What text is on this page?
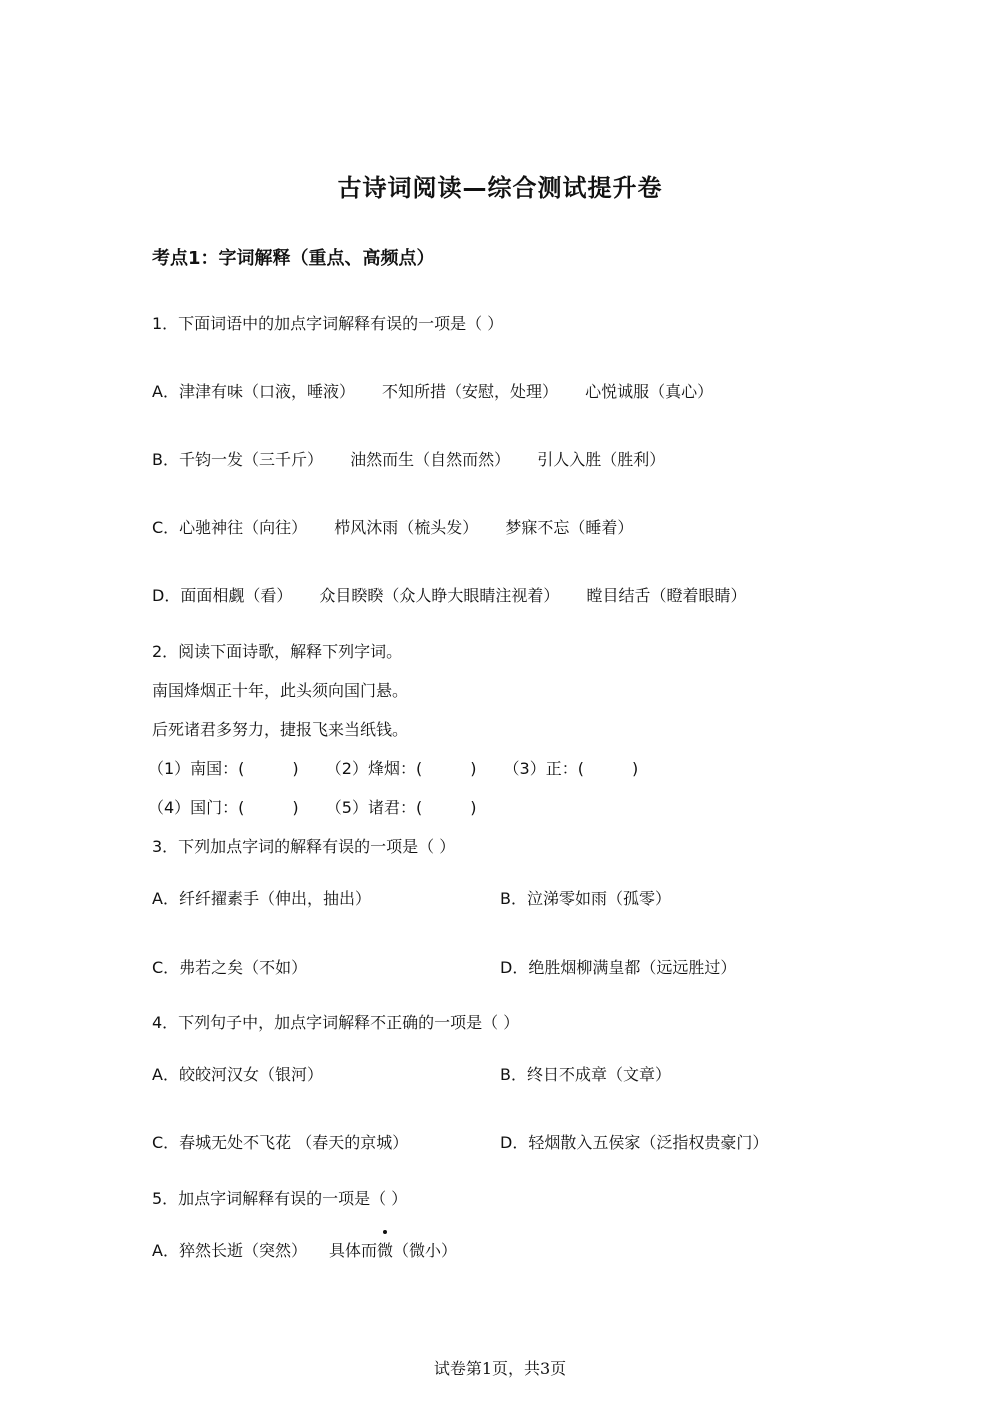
古诗词阅读—综合测试提升卷
考点1：字词解释（重点、高频点）
1．下面词语中的加点字词解释有误的一项是（ ）
A．津津有味（口液，唾液） 不知所措（安慰，处理） 心悦诚服（真心）
B．千钧一发（三千斤） 油然而生（自然而然） 引人入胜（胜利）
C．心驰神往（向往） 栉风沐雨（梳头发） 梦寐不忘（睡着）
D．面面相觑（看） 众目睽睽（众人睁大眼睛注视着） 瞠目结舌（瞪着眼睛）
2．阅读下面诗歌，解释下列字词。
南国烽烟正十年，此头须向国门悬。
后死诸君多努力，捷报飞来当纸钱。
（1）南国：(　　　) （2）烽烟：(　　　) （3）正：(　　　)
（4）国门：(　　　) （5）诸君：(　　　)
3．下列加点字词的解释有误的一项是（ ）
A．纤纤擢素手（伸出，抽出）	B．泣涕零如雨（孤零）
C．弗若之矣（不如）	D．绝胜烟柳满皇都（远远胜过）
4．下列句子中，加点字词解释不正确的一项是（ ）
A．皎皎河汉女（银河）	B．终日不成章（文章）
C．春城无处不飞花 （春天的京城）	D．轻烟散入五侯家（泛指权贵豪门）
5．加点字词解释有误的一项是（ ）
A．猝然长逝（突然） 具体而
微（微小）
试卷第1页，共3页
